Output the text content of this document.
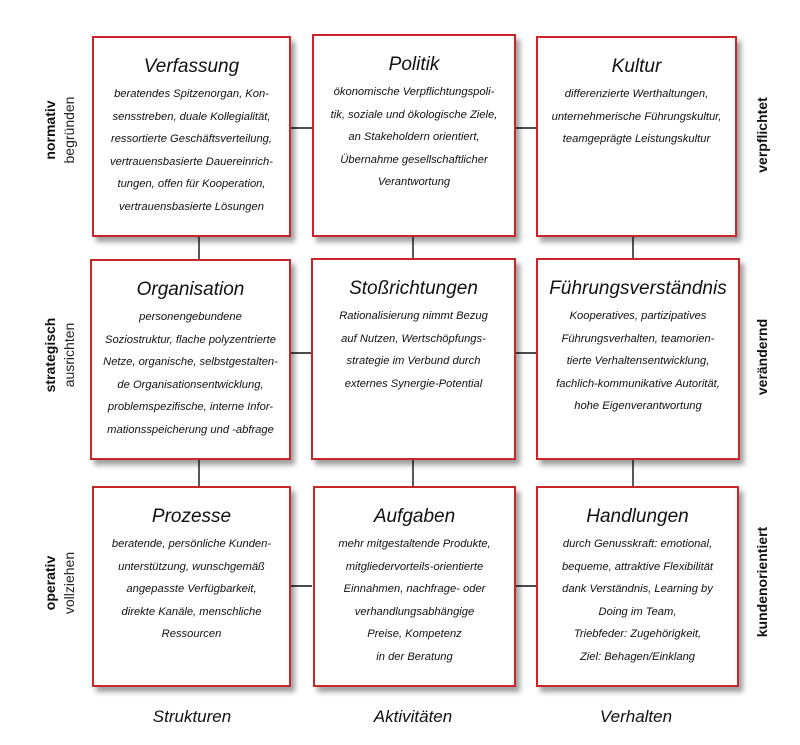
normativ begründen
strategisch ausrichten
operativ vollziehen
verpflichtet
verändernd
kundenorientiert
Verfassung
beratendes Spitzenorgan, Kon-
sensstreben, duale Kollegialität,
ressortierte Geschäftsverteilung,
vertrauensbasierte Dauereinrich-
tungen, offen für Kooperation,
vertrauensbasierte Lösungen
Politik
ökonomische Verpflichtungspoli-
tik, soziale und ökologische Ziele,
an Stakeholdern orientiert,
Übernahme gesellschaftlicher
Verantwortung
Kultur
differenzierte Werthaltungen,
unternehmerische Führungskultur,
teamgeprägte Leistungskultur
Organisation
personengebundene
Soziostruktur, flache polyzentrierte
Netze, organische, selbstgestalten-
de Organisationsentwicklung,
problemspezifische, interne Infor-
mationsspeicherung und -abfrage
Stoßrichtungen
Rationalisierung nimmt Bezug
auf Nutzen, Wertschöpfungs-
strategie im Verbund durch
externes Synergie-Potential
Führungsverständnis
Kooperatives, partizipatives
Führungsverhalten, teamorien-
tierte Verhaltensentwicklung,
fachlich-kommunikative Autorität,
hohe Eigenverantwortung
Prozesse
beratende, persönliche Kunden-
unterstützung, wunschgemäß
angepasste Verfügbarkeit,
direkte Kanäle, menschliche
Ressourcen
Aufgaben
mehr mitgestaltende Produkte,
mitgliedervorteils-orientierte
Einnahmen, nachfrage- oder
verhandlungsabhängige
Preise, Kompetenz
in der Beratung
Handlungen
durch Genusskraft: emotional,
bequeme, attraktive Flexibilität
dank Verständnis, Learning by
Doing im Team,
Triebfeder: Zugehörigkeit,
Ziel: Behagen/Einklang
Strukturen	Aktivitäten	Verhalten
